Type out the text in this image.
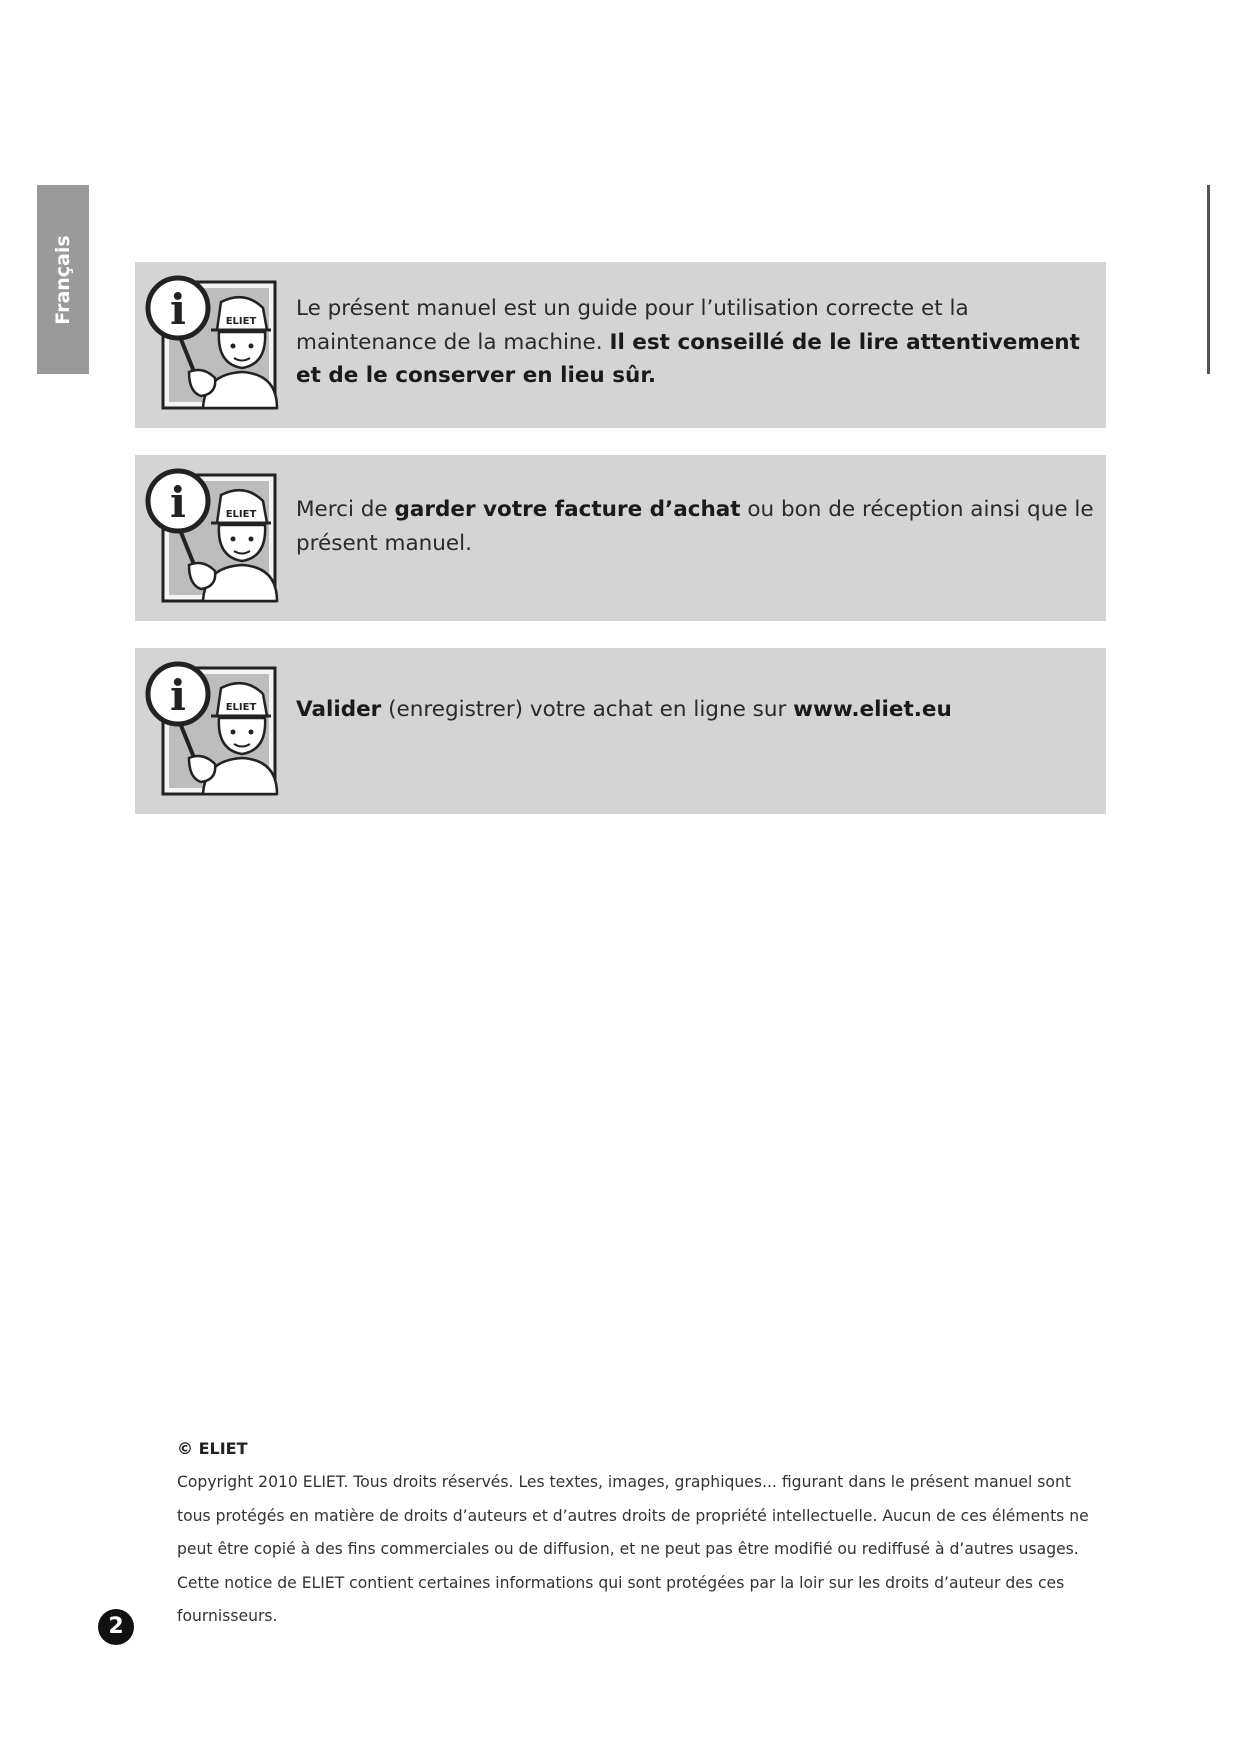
Français	ELIET
i	Le présent manuel est un guide pour l’utilisation correcte et la maintenance de la machine. Il est conseillé de le lire attentivement et de le conserver en lieu sûr.
ELIET
i	Merci de garder votre facture d’achat ou bon de réception ainsi que le présent manuel.
ELIET
i	Valider (enregistrer) votre achat en ligne sur www.eliet.eu
© ELIET
Copyright 2010 ELIET. Tous droits réservés. Les textes, images, graphiques... figurant dans le présent manuel sont tous protégés en matière de droits d’auteurs et d’autres droits de propriété intellectuelle. Aucun de ces éléments ne peut être copié à des fins commerciales ou de diffusion, et ne peut pas être modifié ou rediffusé à d’autres usages. Cette notice de ELIET contient certaines informations qui sont protégées par la loir sur les droits d’auteur des ces fournisseurs.
2
